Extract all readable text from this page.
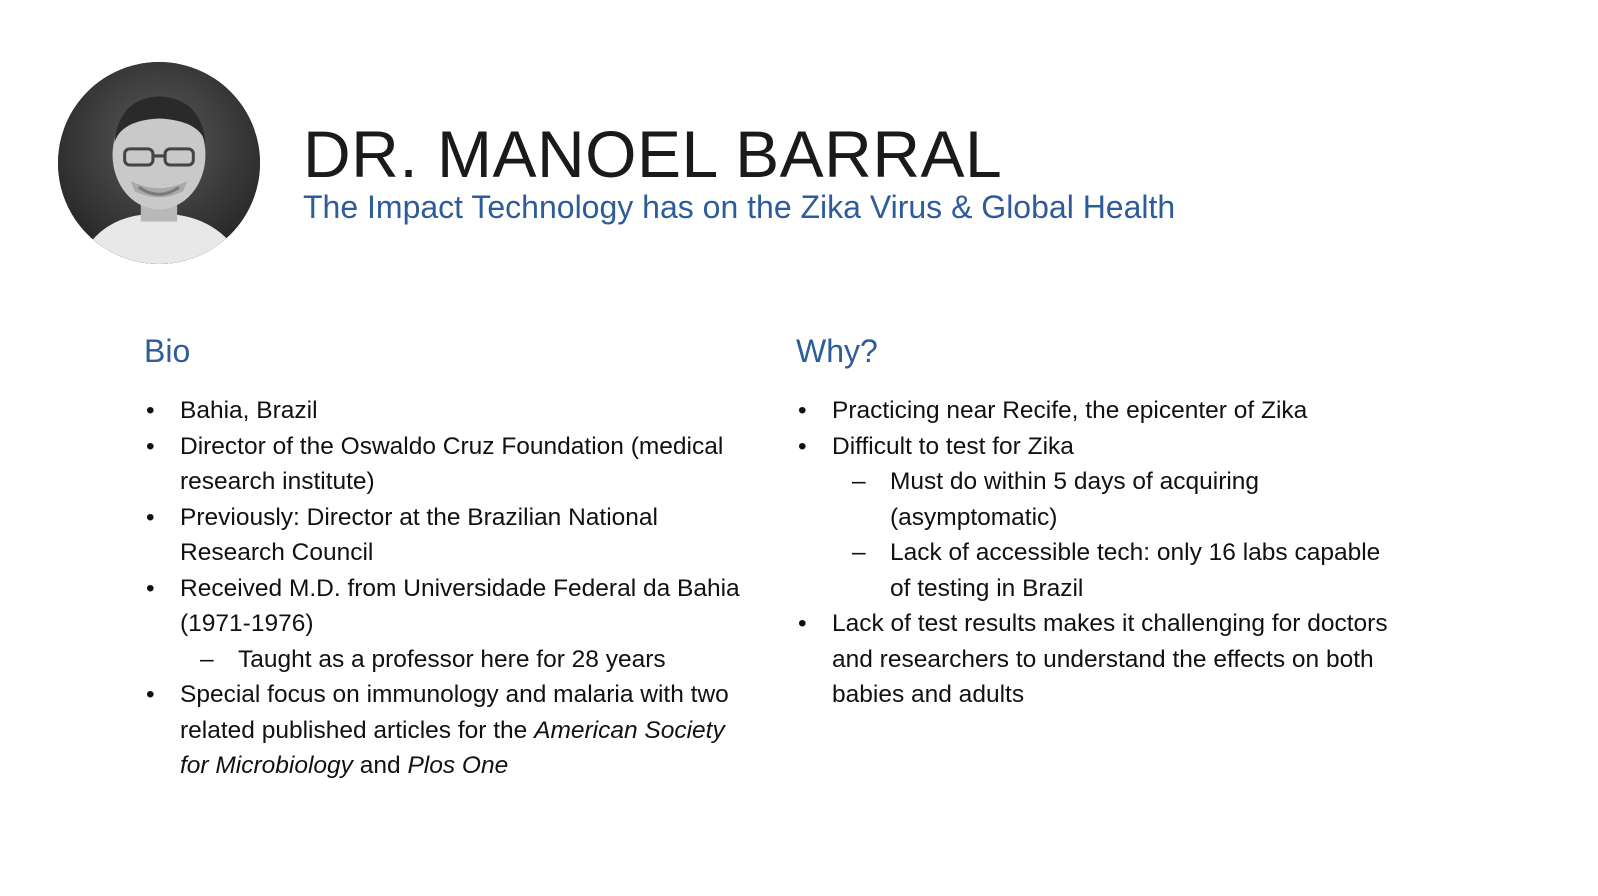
DR. MANOEL BARRAL
The Impact Technology has on the Zika Virus & Global Health
Bio	Why?
• Bahia, Brazil
• Director of the Oswaldo Cruz Foundation (medical research institute)
• Previously: Director at the Brazilian National Research Council
• Received M.D. from Universidade Federal da Bahia (1971-1976)
– Taught as a professor here for 28 years
• Special focus on immunology and malaria with two related published articles for the American Society for Microbiology and Plos One
• Practicing near Recife, the epicenter of Zika
• Difficult to test for Zika
– Must do within 5 days of acquiring (asymptomatic)
– Lack of accessible tech: only 16 labs capable of testing in Brazil
• Lack of test results makes it challenging for doctors and researchers to understand the effects on both babies and adults
